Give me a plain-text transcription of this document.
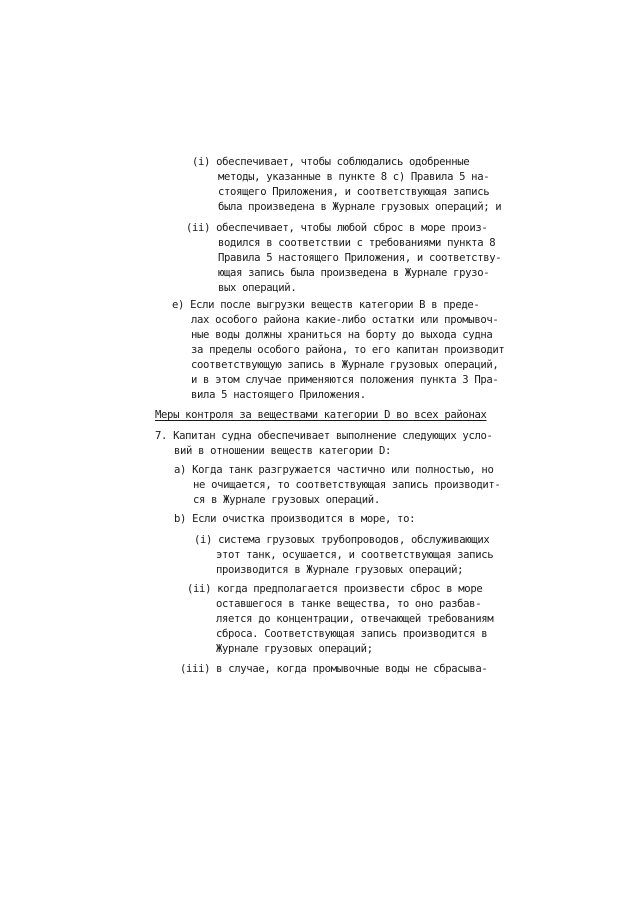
(i) обеспечивает, чтобы соблюдались одобренные
методы, указанные в пункте 8 с) Правила 5 на-
стоящего Приложения, и соответствующая запись
была произведена в Журнале грузовых операций; и
(ii) обеспечивает, чтобы любой сброс в море произ-
водился в соответствии с требованиями пункта 8
Правила 5 настоящего Приложения, и соответству-
ющая запись была произведена в Журнале грузо-
вых операций.
e) Если после выгрузки веществ категории В в преде-
лах особого района какие-либо остатки или промывоч-
ные воды должны храниться на борту до выхода судна
за пределы особого района, то его капитан производит
соответствующую запись в Журнале грузовых операций,
и в этом случае применяются положения пункта 3 Пра-
вила 5 настоящего Приложения.
Меры контроля за веществами категории D во всех районах
7. Капитан судна обеспечивает выполнение следующих усло-
вий в отношении веществ категории D:
a) Когда танк разгружается частично или полностью, но
не очищается, то соответствующая запись производит-
ся в Журнале грузовых операций.
b) Если очистка производится в море, то:
(i) система грузовых трубопроводов, обслуживающих
этот танк, осушается, и соответствующая запись
производится в Журнале грузовых операций;
(ii) когда предполагается произвести сброс в море
оставшегося в танке вещества, то оно разбав-
ляется до концентрации, отвечающей требованиям
сброса. Соответствующая запись производится в
Журнале грузовых операций;
(iii) в случае, когда промывочные воды не сбрасыва-
